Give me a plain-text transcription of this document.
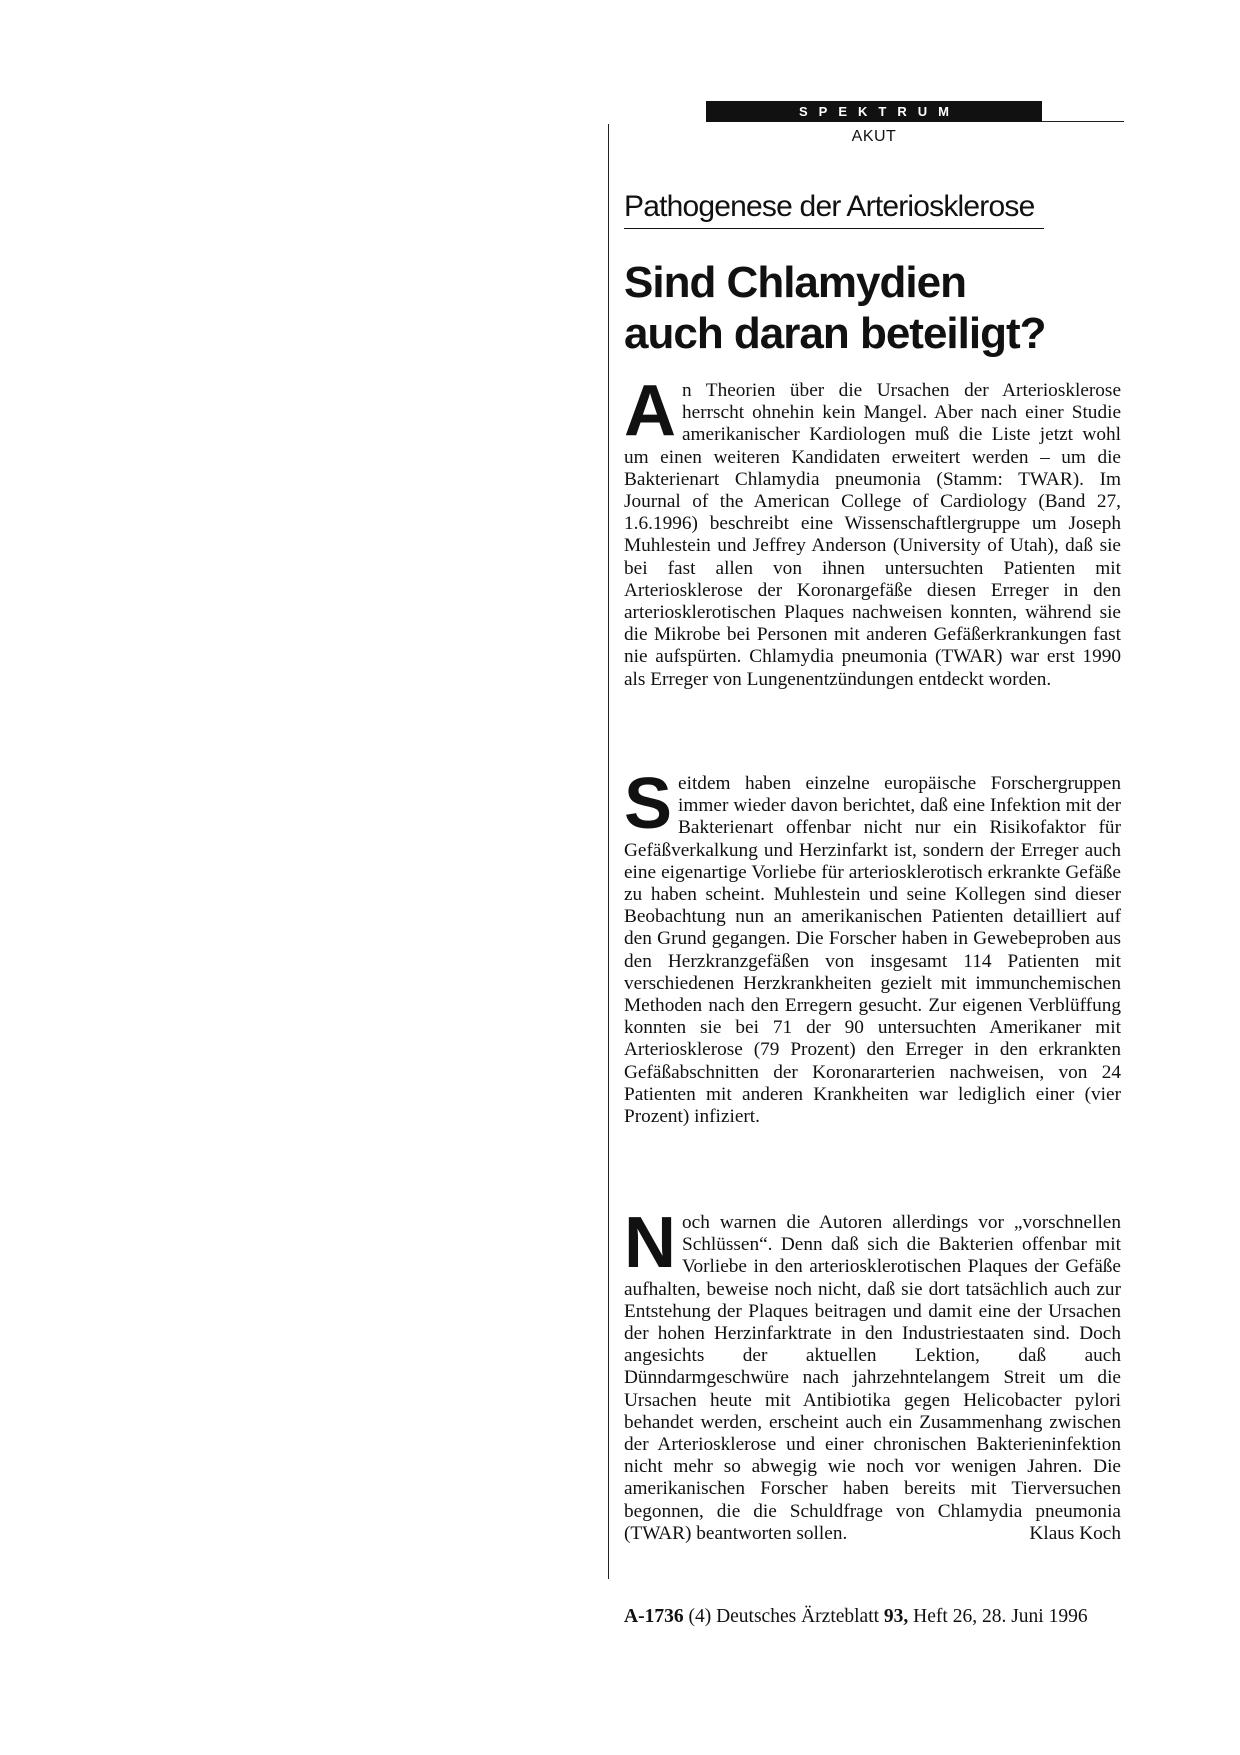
SPEKTRUM
AKUT
Pathogenese der Arteriosklerose
Sind Chlamydien
auch daran beteiligt?

A n Theorien über die Ursachen der Arteriosklerose herrscht ohnehin kein Mangel. Aber nach einer Studie amerikanischer Kardiologen muß die Liste jetzt wohl um einen weiteren Kandidaten erweitert werden – um die Bakterienart Chlamydia pneumonia (Stamm: TWAR). Im Journal of the American College of Cardiology (Band 27, 1.6.1996) beschreibt eine Wissenschaftlergruppe um Joseph Muhlestein und Jeffrey Anderson (University of Utah), daß sie bei fast allen von ihnen untersuchten Patienten mit Arteriosklerose der Koronargefäße diesen Erreger in den arteriosklerotischen Plaques nachweisen konnten, während sie die Mikrobe bei Personen mit anderen Gefäßerkrankungen fast nie aufspürten. Chlamydia pneumonia (TWAR) war erst 1990 als Erreger von Lungenentzündungen entdeckt worden.

S eitdem haben einzelne europäische Forschergruppen immer wieder davon berichtet, daß eine Infektion mit der Bakterienart offenbar nicht nur ein Risikofaktor für Gefäßverkalkung und Herzinfarkt ist, sondern der Erreger auch eine eigenartige Vorliebe für arteriosklerotisch erkrankte Gefäße zu haben scheint. Muhlestein und seine Kollegen sind dieser Beobachtung nun an amerikanischen Patienten detailliert auf den Grund gegangen. Die Forscher haben in Gewebeproben aus den Herzkranzgefäßen von insgesamt 114 Patienten mit verschiedenen Herzkrankheiten gezielt mit immunchemischen Methoden nach den Erregern gesucht. Zur eigenen Verblüffung konnten sie bei 71 der 90 untersuchten Amerikaner mit Arteriosklerose (79 Prozent) den Erreger in den erkrankten Gefäßabschnitten der Koronararterien nachweisen, von 24 Patienten mit anderen Krankheiten war lediglich einer (vier Prozent) infiziert.

N och warnen die Autoren allerdings vor „vorschnellen Schlüssen“. Denn daß sich die Bakterien offenbar mit Vorliebe in den arteriosklerotischen Plaques der Gefäße aufhalten, beweise noch nicht, daß sie dort tatsächlich auch zur Entstehung der Plaques beitragen und damit eine der Ursachen der hohen Herzinfarktrate in den Industriestaaten sind. Doch angesichts der aktuellen Lektion, daß auch Dünndarmgeschwüre nach jahrzehntelangem Streit um die Ursachen heute mit Antibiotika gegen Helicobacter pylori behandet werden, erscheint auch ein Zusammenhang zwischen der Arteriosklerose und einer chronischen Bakterieninfektion nicht mehr so abwegig wie noch vor wenigen Jahren. Die amerikanischen Forscher haben bereits mit Tierversuchen begonnen, die die Schuldfrage von Chlamydia pneumonia (TWAR) beantworten sollen.	Klaus Koch

A-1736 (4) Deutsches Ärzteblatt 93, Heft 26, 28. Juni 1996
